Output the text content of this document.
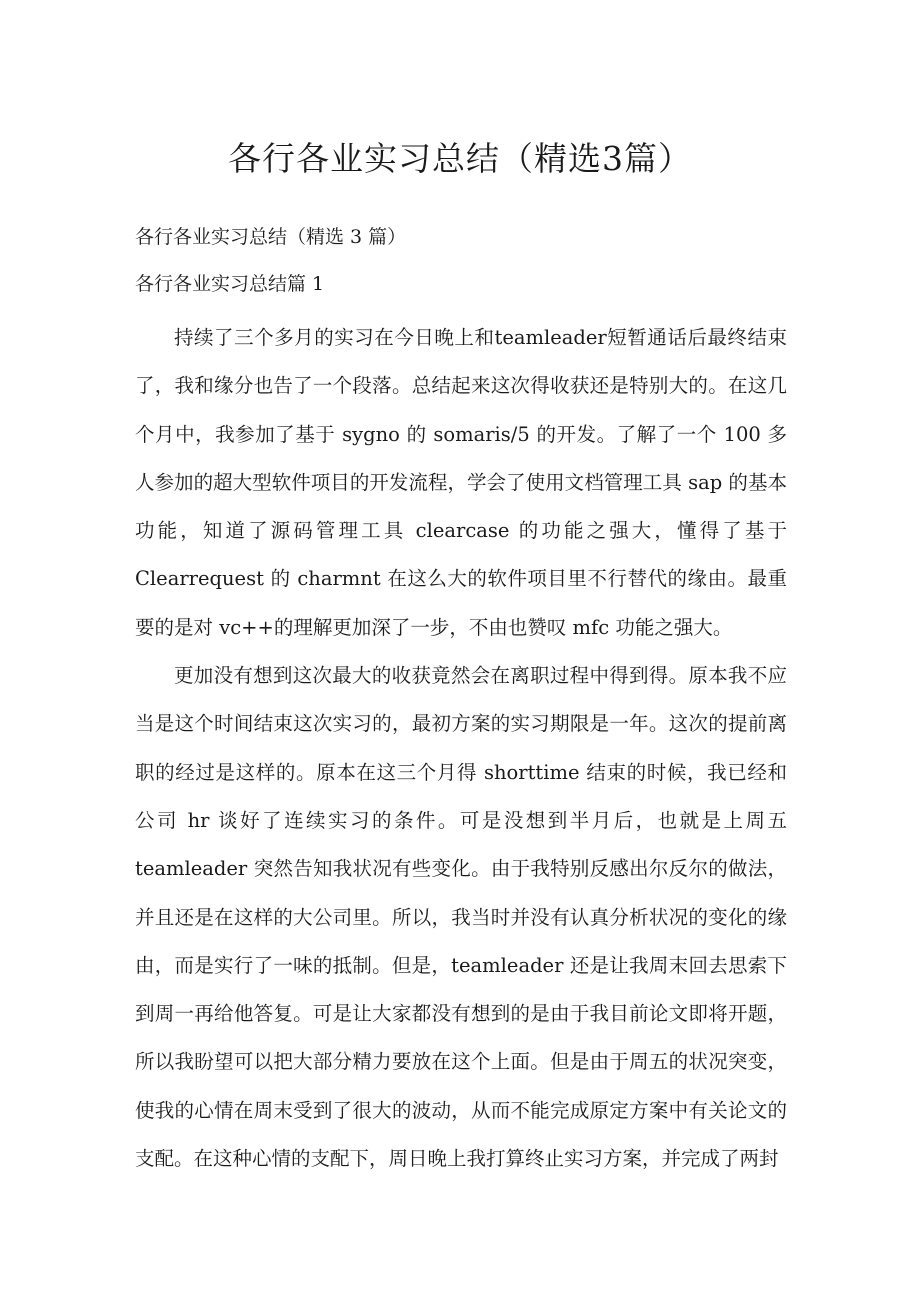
各行各业实习总结（精选3篇）

各行各业实习总结（精选 3 篇）

各行各业实习总结篇 1

持续了三个多月的实习在今日晚上和teamleader短暂通话后最终结束了，我和缘分也告了一个段落。总结起来这次得收获还是特别大的。在这几个月中，我参加了基于 sygno 的 somaris/5 的开发。了解了一个 100 多人参加的超大型软件项目的开发流程，学会了使用文档管理工具 sap 的基本功能，知道了源码管理工具 clearcase 的功能之强大，懂得了基于 Clearrequest 的 charmnt 在这么大的软件项目里不行替代的缘由。最重要的是对 vc++的理解更加深了一步，不由也赞叹 mfc 功能之强大。

更加没有想到这次最大的收获竟然会在离职过程中得到得。原本我不应当是这个时间结束这次实习的，最初方案的实习期限是一年。这次的提前离职的经过是这样的。原本在这三个月得 shorttime 结束的时候，我已经和公司 hr 谈好了连续实习的条件。可是没想到半月后，也就是上周五 teamleader 突然告知我状况有些变化。由于我特别反感出尔反尔的做法，并且还是在这样的大公司里。所以，我当时并没有认真分析状况的变化的缘由，而是实行了一味的抵制。但是，teamleader 还是让我周末回去思索下到周一再给他答复。可是让大家都没有想到的是由于我目前论文即将开题，所以我盼望可以把大部分精力要放在这个上面。但是由于周五的状况突变，使我的心情在周末受到了很大的波动，从而不能完成原定方案中有关论文的支配。在这种心情的支配下，周日晚上我打算终止实习方案，并完成了两封
